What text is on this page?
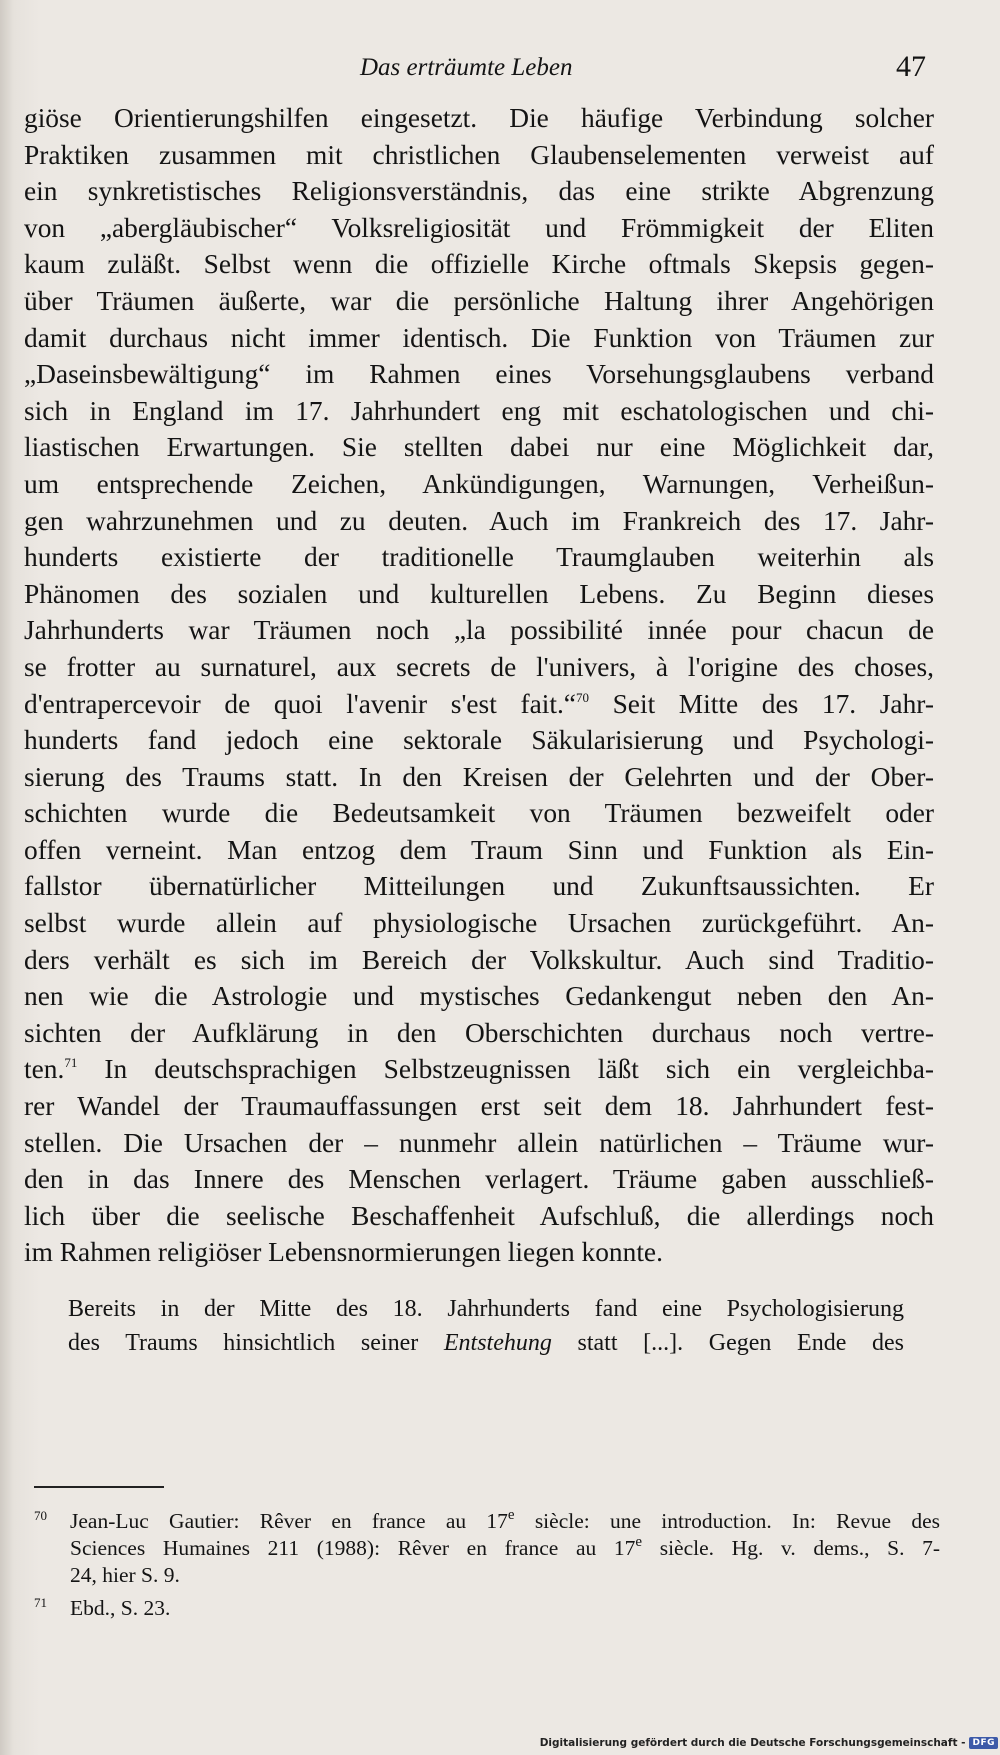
Das erträumte Leben	47
giöse Orientierungshilfen eingesetzt. Die häufige Verbindung solcher
Praktiken zusammen mit christlichen Glaubenselementen verweist auf
ein synkretistisches Religionsverständnis, das eine strikte Abgrenzung
von „abergläubischer“ Volksreligiosität und Frömmigkeit der Eliten
kaum zuläßt. Selbst wenn die offizielle Kirche oftmals Skepsis gegen-
über Träumen äußerte, war die persönliche Haltung ihrer Angehörigen
damit durchaus nicht immer identisch. Die Funktion von Träumen zur
„Daseinsbewältigung“ im Rahmen eines Vorsehungsglaubens verband
sich in England im 17. Jahrhundert eng mit eschatologischen und chi-
liastischen Erwartungen. Sie stellten dabei nur eine Möglichkeit dar,
um entsprechende Zeichen, Ankündigungen, Warnungen, Verheißun-
gen wahrzunehmen und zu deuten. Auch im Frankreich des 17. Jahr-
hunderts existierte der traditionelle Traumglauben weiterhin als
Phänomen des sozialen und kulturellen Lebens. Zu Beginn dieses
Jahrhunderts war Träumen noch „la possibilité innée pour chacun de
se frotter au surnaturel, aux secrets de l'univers, à l'origine des choses,
d'entrapercevoir de quoi l'avenir s'est fait.“$^{70}$ Seit Mitte des 17. Jahr-
hunderts fand jedoch eine sektorale Säkularisierung und Psychologi-
sierung des Traums statt. In den Kreisen der Gelehrten und der Ober-
schichten wurde die Bedeutsamkeit von Träumen bezweifelt oder
offen verneint. Man entzog dem Traum Sinn und Funktion als Ein-
fallstor übernatürlicher Mitteilungen und Zukunftsaussichten. Er
selbst wurde allein auf physiologische Ursachen zurückgeführt. An-
ders verhält es sich im Bereich der Volkskultur. Auch sind Traditio-
nen wie die Astrologie und mystisches Gedankengut neben den An-
sichten der Aufklärung in den Oberschichten durchaus noch vertre-
ten.$^{71}$ In deutschsprachigen Selbstzeugnissen läßt sich ein vergleichba-
rer Wandel der Traumauffassungen erst seit dem 18. Jahrhundert fest-
stellen. Die Ursachen der – nunmehr allein natürlichen – Träume wur-
den in das Innere des Menschen verlagert. Träume gaben ausschließ-
lich über die seelische Beschaffenheit Aufschluß, die allerdings noch
im Rahmen religiöser Lebensnormierungen liegen konnte.
Bereits in der Mitte des 18. Jahrhunderts fand eine Psychologisierung
des Traums hinsichtlich seiner Entstehung statt [...]. Gegen Ende des
70 Jean-Luc Gautier: Rêver en france au 17e siècle: une introduction. In: Revue des
Sciences Humaines 211 (1988): Rêver en france au 17e siècle. Hg. v. dems., S. 7-
24, hier S. 9.
71 Ebd., S. 23.
Digitalisierung gefördert durch die Deutsche Forschungsgemeinschaft - DFG
